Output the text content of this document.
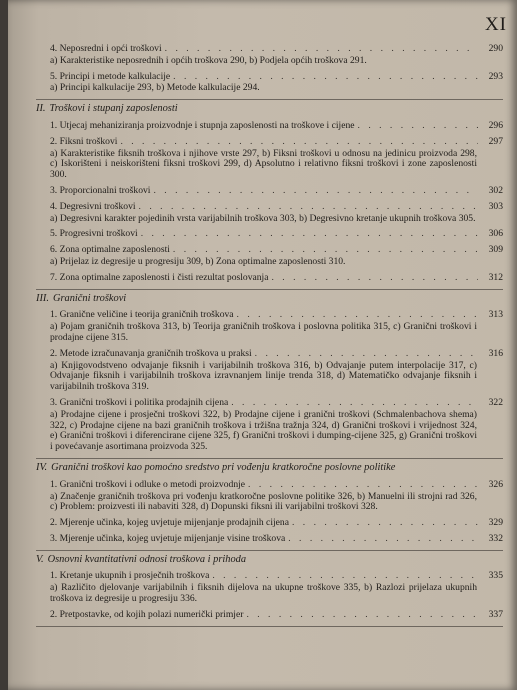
XI
4. Neposredni i opći troškovi . . .	290
a) Karakteristike neposrednih i općih troškova 290, b) Podjela općih troškova 291.
5. Principi i metode kalkulacije . . .	293
a) Principi kalkulacije 293, b) Metode kalkulacije 294.
II. Troškovi i stupanj zaposlenosti
1. Utjecaj mehaniziranja proizvodnje i stupnja zaposlenosti na troškove i cijene . . .	296
2. Fiksni troškovi . . .	297
a) Karakteristike fiksnih troškova i njihove vrste 297, b) Fiksni troškovi u odnosu na jedinicu proizvoda 298, c) Iskorišteni i neiskorišteni fiksni troškovi 299, d) Apsolutno i relativno fiksni troškovi i zone zaposlenosti 300.
3. Proporcionalni troškovi . . .	302
4. Degresivni troškovi . . .	303
a) Degresivni karakter pojedinih vrsta varijabilnih troškova 303, b) Degresivno kretanje ukupnih troškova 305.
5. Progresivni troškovi . . .	306
6. Zona optimalne zaposlenosti . . .	309
a) Prijelaz iz degresije u progresiju 309, b) Zona optimalne zaposlenosti 310.
7. Zona optimalne zaposlenosti i čisti rezultat poslovanja . . .	312
III. Granični troškovi
1. Granične veličine i teorija graničnih troškova . . .	313
a) Pojam graničnih troškova 313, b) Teorija graničnih troškova i poslovna politika 315, c) Granični troškovi i prodajne cijene 315.
2. Metode izračunavanja graničnih troškova u praksi . . .	316
a) Knjigovodstveno odvajanje fiksnih i varijabilnih troškova 316, b) Odvajanje putem interpolacije 317, c) Odvajanje fiksnih i varijabilnih troškova izravnanjem linije trenda 318, d) Matematičko odvajanje fiksnih i varijabilnih troškova 319.
3. Granični troškovi i politika prodajnih cijena . . .	322
a) Prodajne cijene i prosječni troškovi 322, b) Prodajne cijene i granični troškovi (Schmalenbachova shema) 322, c) Prodajne cijene na bazi graničnih troškova i tržišna tražnja 324, d) Granični troškovi i vrijednost 324, e) Granični troškovi i diferencirane cijene 325, f) Granični troškovi i dumping-cijene 325, g) Granični troškovi i povećavanje asortimana proizvoda 325.
IV. Granični troškovi kao pomoćno sredstvo pri vođenju kratkoročne poslovne politike
1. Granični troškovi i odluke o metodi proizvodnje . . .	326
a) Značenje graničnih troškova pri vođenju kratkoročne poslovne politike 326, b) Manuelni ili strojni rad 326, c) Problem: proizvesti ili nabaviti 328, d) Dopunski fiksni ili varijabilni troškovi 328.
2. Mjerenje učinka, kojeg uvjetuje mijenjanje prodajnih cijena . . .	329
3. Mjerenje učinka, kojeg uvjetuje mijenjanje visine troškova . . .	332
V. Osnovni kvantitativni odnosi troškova i prihoda
1. Kretanje ukupnih i prosječnih troškova . . .	335
a) Različito djelovanje varijabilnih i fiksnih dijelova na ukupne troškove 335, b) Razlozi prijelaza ukupnih troškova iz degresije u progresiju 336.
2. Pretpostavke, od kojih polazi numerički primjer . . .	337
